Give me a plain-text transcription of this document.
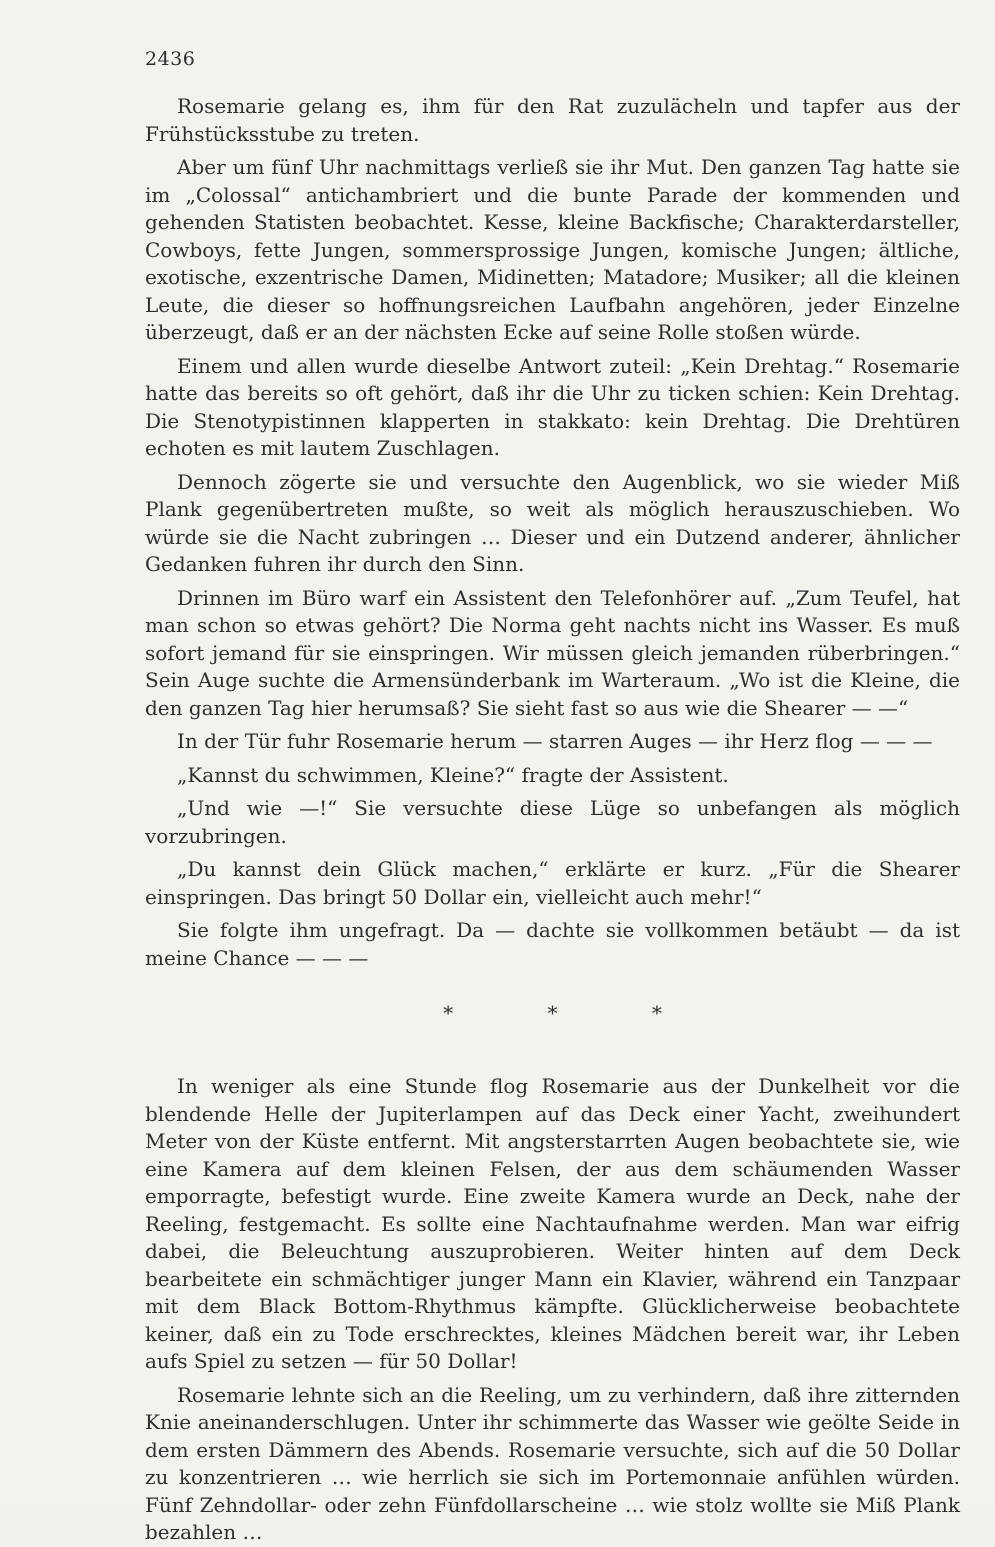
2436

Rosemarie gelang es, ihm für den Rat zuzulächeln und tapfer aus der Frühstücksstube zu treten.

Aber um fünf Uhr nachmittags verließ sie ihr Mut. Den ganzen Tag hatte sie im „Colossal“ antichambriert und die bunte Parade der kommenden und gehenden Statisten beobachtet. Kesse, kleine Backfische; Charakterdarsteller, Cowboys, fette Jungen, sommersprossige Jungen, komische Jungen; ältliche, exotische, exzentrische Damen, Midinetten; Matadore; Musiker; all die kleinen Leute, die dieser so hoffnungsreichen Laufbahn angehören, jeder Einzelne überzeugt, daß er an der nächsten Ecke auf seine Rolle stoßen würde.

Einem und allen wurde dieselbe Antwort zuteil: „Kein Drehtag.“ Rosemarie hatte das bereits so oft gehört, daß ihr die Uhr zu ticken schien: Kein Drehtag. Die Stenotypistinnen klapperten in stakkato: kein Drehtag. Die Drehtüren echoten es mit lautem Zuschlagen.

Dennoch zögerte sie und versuchte den Augenblick, wo sie wieder Miß Plank gegenübertreten mußte, so weit als möglich herauszuschieben. Wo würde sie die Nacht zubringen … Dieser und ein Dutzend anderer, ähnlicher Gedanken fuhren ihr durch den Sinn.

Drinnen im Büro warf ein Assistent den Telefonhörer auf. „Zum Teufel, hat man schon so etwas gehört? Die Norma geht nachts nicht ins Wasser. Es muß sofort jemand für sie einspringen. Wir müssen gleich jemanden rüberbringen.“ Sein Auge suchte die Armensünderbank im Warteraum. „Wo ist die Kleine, die den ganzen Tag hier herumsaß? Sie sieht fast so aus wie die Shearer — —“

In der Tür fuhr Rosemarie herum — starren Auges — ihr Herz flog — — —

„Kannst du schwimmen, Kleine?“ fragte der Assistent.

„Und wie —!“ Sie versuchte diese Lüge so unbefangen als möglich vorzubringen.

„Du kannst dein Glück machen,“ erklärte er kurz. „Für die Shearer einspringen. Das bringt 50 Dollar ein, vielleicht auch mehr!“

Sie folgte ihm ungefragt. Da — dachte sie vollkommen betäubt — da ist meine Chance — — —

* * *

In weniger als eine Stunde flog Rosemarie aus der Dunkelheit vor die blendende Helle der Jupiterlampen auf das Deck einer Yacht, zweihundert Meter von der Küste entfernt. Mit angsterstarrten Augen beobachtete sie, wie eine Kamera auf dem kleinen Felsen, der aus dem schäumenden Wasser emporragte, befestigt wurde. Eine zweite Kamera wurde an Deck, nahe der Reeling, festgemacht. Es sollte eine Nachtaufnahme werden. Man war eifrig dabei, die Beleuchtung auszuprobieren. Weiter hinten auf dem Deck bearbeitete ein schmächtiger junger Mann ein Klavier, während ein Tanzpaar mit dem Black Bottom-Rhythmus kämpfte. Glücklicherweise beobachtete keiner, daß ein zu Tode erschrecktes, kleines Mädchen bereit war, ihr Leben aufs Spiel zu setzen — für 50 Dollar!

Rosemarie lehnte sich an die Reeling, um zu verhindern, daß ihre zitternden Knie aneinanderschlugen. Unter ihr schimmerte das Wasser wie geölte Seide in dem ersten Dämmern des Abends. Rosemarie versuchte, sich auf die 50 Dollar zu konzentrieren … wie herrlich sie sich im Portemonnaie anfühlen würden. Fünf Zehndollar- oder zehn Fünfdollarscheine … wie stolz wollte sie Miß Plank bezahlen …
